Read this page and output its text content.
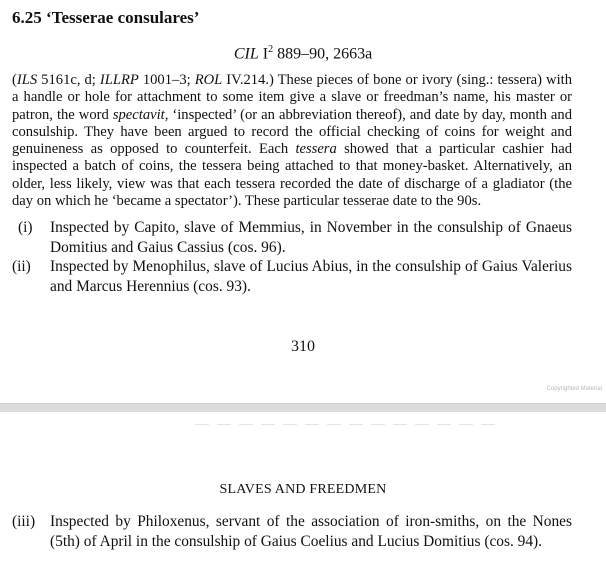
6.25 ‘Tesserae consulares’
CIL $I^2$ 889–90, 2663a

(ILS 5161c, d; ILLRP 1001–3; ROL IV.214.) These pieces of bone or ivory (sing.: tessera) with a handle or hole for attachment to some item give a slave or freedman’s name, his master or patron, the word spectavit, ‘inspected’ (or an abbreviation thereof), and date by day, month and consulship. They have been argued to record the official checking of coins for weight and genuineness as opposed to counterfeit. Each tessera showed that a particular cashier had inspected a batch of coins, the tessera being attached to that money-basket. Alternatively, an older, less likely, view was that each tessera recorded the date of discharge of a gladiator (the day on which he ‘became a spectator’). These particular tesserae date to the 90s.

(i)	Inspected by Capito, slave of Memmius, in November in the consulship of Gnaeus Domitius and Gaius Cassius (cos. 96).
(ii)	Inspected by Menophilus, slave of Lucius Abius, in the consulship of Gaius Valerius and Marcus Herennius (cos. 93).
310
Copyrighted Material
SLAVES AND FREEDMEN
(iii) Inspected by Philoxenus, servant of the association of iron-smiths, on the Nones (5th) of April in the consulship of Gaius Coelius and Lucius Domitius (cos. 94).
